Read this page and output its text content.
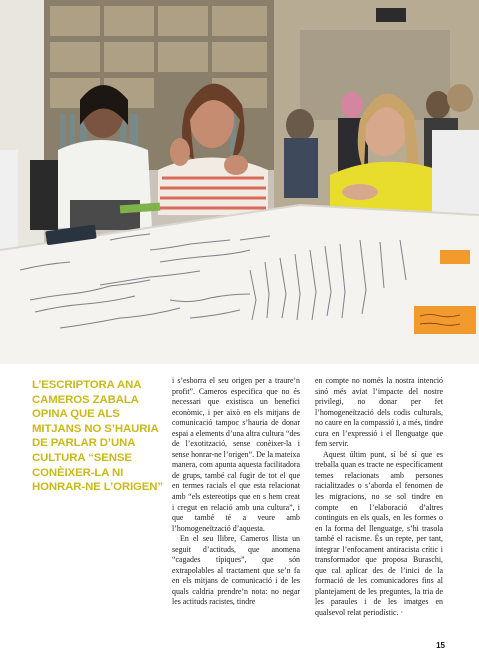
L’ESCRIPTORA ANA CAMEROS ZABALA OPINA QUE ALS MITJANS NO S’HAURIA DE PARLAR D’UNA CULTURA “SENSE CONÈIXER-LA NI HONRAR-NE L’ORIGEN”

i s’esborra el seu origen per a traure’n profit”. Cameros especifica que no és necessari que existisca un benefici econòmic, i per això en els mitjans de comunicació tampoc s’hauria de donar espai a elements d’una altra cultura “des de l’exotització, sense conèixer-la i sense honrar-ne l’origen”. De la mateixa manera, com apunta aquesta facilitadora de grups, també cal fugir de tot el que en termes racials el que esta relacionat amb “els estereotips que en s hem creat i cregut en relació amb una cultura”, i que també té a veure amb l’homogeneïtzació d’aquesta.

En el seu llibre, Cameros llista un seguit d’actituds, que anomena “cagades típiques”, que són extrapolables al tractament que se’n fa en els mitjans de comunicació i de les quals caldria prendre’n nota: no negar les actituds racistes, tindre

en compte no només la nostra intenció sinó més aviat l’impacte del nostre privilegi, no donar per fet l’homogeneïtzació dels codis culturals, no caure en la compassió i, a més, tindre cura en l’expressió i el llenguatge que fem servir.

Aquest últim punt, sí bé sí que es treballa quan es tracte ne específicament temes relacionats amb persones racialitzades o s’aborda el fenomen de les migracions, no se sol tindre en compte en l’elaboració d’altres continguts en els quals, en les formes o en la forma del llenguatge, s’hi trasola també el racisme. És un repte, per tant, integrar l’enfocament antiracista crític i transformador que proposa Buraschi, que cal aplicar des de l’inici de la formació de les comunicadores fins al plantejament de les preguntes, la tria de les paraules i de les imatges en qualsevol relat periodístic. ·

15
